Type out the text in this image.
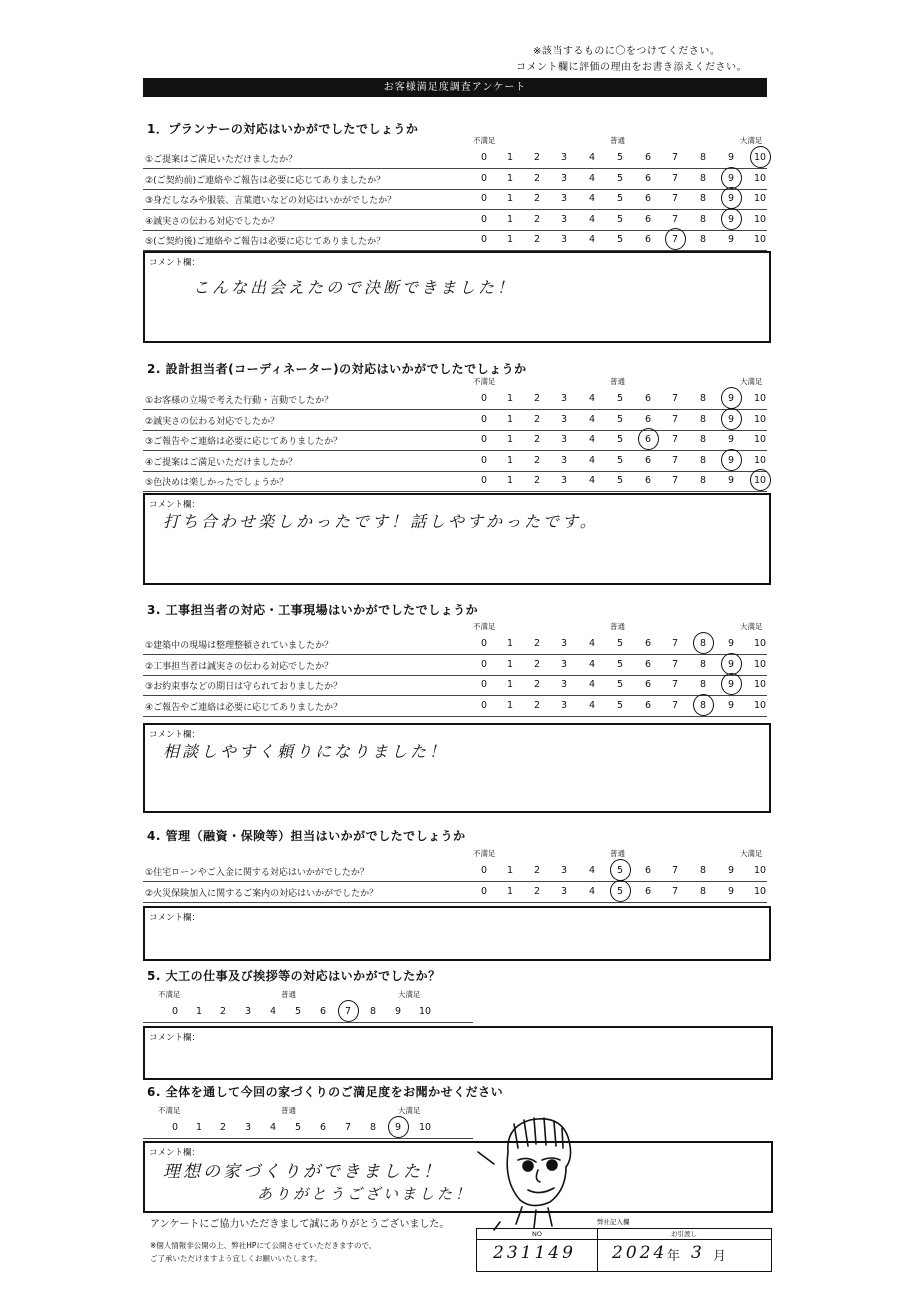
※該当するものに〇をつけてください。
コメント欄に評価の理由をお書き添えください。
お客様満足度調査アンケート
1．プランナーの対応はいかがでしたでしょうか
不満足	普通	大満足
①ご提案はご満足いただけましたか？	0	1	2	3	4	5	6	7	8	9	10
②(ご契約前)ご連絡やご報告は必要に応じてありましたか？	0	1	2	3	4	5	6	7	8	9	10
③身だしなみや服装、言葉遣いなどの対応はいかがでしたか？	0	1	2	3	4	5	6	7	8	9	10
④誠実さの伝わる対応でしたか？	0	1	2	3	4	5	6	7	8	9	10
⑤(ご契約後)ご連絡やご報告は必要に応じてありましたか？	0	1	2	3	4	5	6	7	8	9	10
コメント欄：
こんな出会えたので決断できました！
2. 設計担当者(コーディネーター)の対応はいかがでしたでしょうか
不満足	普通	大満足
①お客様の立場で考えた行動・言動でしたか？	0	1	2	3	4	5	6	7	8	9	10
②誠実さの伝わる対応でしたか？	0	1	2	3	4	5	6	7	8	9	10
③ご報告やご連絡は必要に応じてありましたか？	0	1	2	3	4	5	6	7	8	9	10
④ご提案はご満足いただけましたか？	0	1	2	3	4	5	6	7	8	9	10
⑤色決めは楽しかったでしょうか？	0	1	2	3	4	5	6	7	8	9	10
コメント欄：
打ち合わせ楽しかったです！話しやすかったです。
3. 工事担当者の対応・工事現場はいかがでしたでしょうか
不満足	普通	大満足
①建築中の現場は整理整頓されていましたか？	0	1	2	3	4	5	6	7	8	9	10
②工事担当者は誠実さの伝わる対応でしたか？	0	1	2	3	4	5	6	7	8	9	10
③お約束事などの期日は守られておりましたか？	0	1	2	3	4	5	6	7	8	9	10
④ご報告やご連絡は必要に応じてありましたか？	0	1	2	3	4	5	6	7	8	9	10
コメント欄：
相談しやすく頼りになりました！
4. 管理（融資・保険等）担当はいかがでしたでしょうか
不満足	普通	大満足
①住宅ローンやご入金に関する対応はいかがでしたか？	0	1	2	3	4	5	6	7	8	9	10
②火災保険加入に関するご案内の対応はいかがでしたか？	0	1	2	3	4	5	6	7	8	9	10
コメント欄：
5. 大工の仕事及び挨拶等の対応はいかがでしたか？
不満足	普通	大満足
0	1	2	3	4	5	6	7	8	9	10
コメント欄：
6. 全体を通して今回の家づくりのご満足度をお聞かせください
不満足	普通	大満足
0	1	2	3	4	5	6	7	8	9	10
コメント欄：
理想の家づくりができました！
ありがとうございました！
アンケートにご協力いただきまして誠にありがとうございました。
※個人情報非公開の上、弊社HPにて公開させていただきますので、
ご了承いただけますよう宜しくお願いいたします。
弊社記入欄
NO	お引渡し
231149 2024 年 3 月
